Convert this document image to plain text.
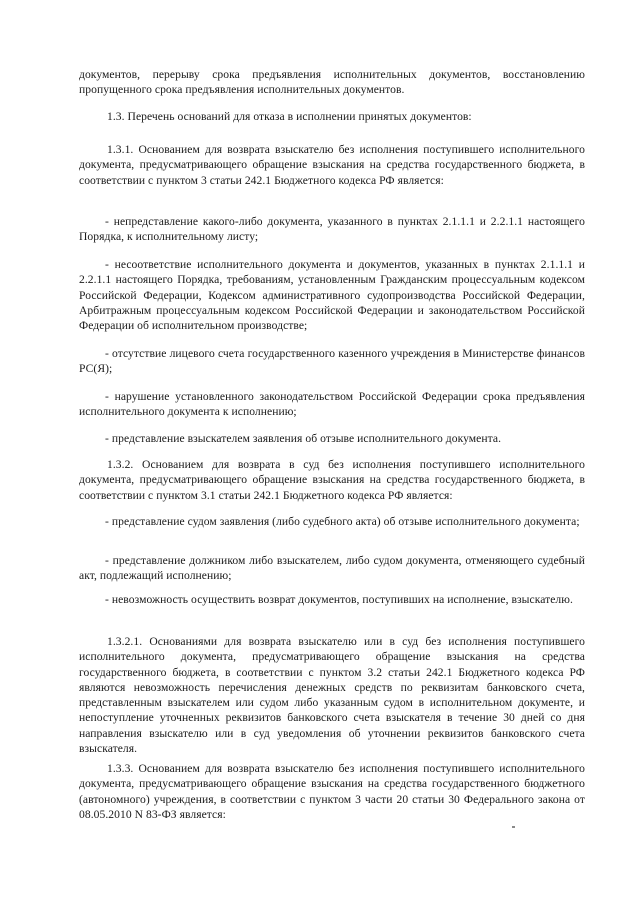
документов, перерыву срока предъявления исполнительных документов, восстановлению пропущенного срока предъявления исполнительных документов.

1.3. Перечень оснований для отказа в исполнении принятых документов:

1.3.1. Основанием для возврата взыскателю без исполнения поступившего исполнительного документа, предусматривающего обращение взыскания на средства государственного бюджета, в соответствии с пунктом 3 статьи 242.1 Бюджетного кодекса РФ является:

- непредставление какого-либо документа, указанного в пунктах 2.1.1.1 и 2.2.1.1 настоящего Порядка, к исполнительному листу;

- несоответствие исполнительного документа и документов, указанных в пунктах 2.1.1.1 и 2.2.1.1 настоящего Порядка, требованиям, установленным Гражданским процессуальным кодексом Российской Федерации, Кодексом административного судопроизводства Российской Федерации, Арбитражным процессуальным кодексом Российской Федерации и законодательством Российской Федерации об исполнительном производстве;

- отсутствие лицевого счета государственного казенного учреждения в Министерстве финансов РС(Я);

- нарушение установленного законодательством Российской Федерации срока предъявления исполнительного документа к исполнению;

- представление взыскателем заявления об отзыве исполнительного документа.

1.3.2. Основанием для возврата в суд без исполнения поступившего исполнительного документа, предусматривающего обращение взыскания на средства государственного бюджета, в соответствии с пунктом 3.1 статьи 242.1 Бюджетного кодекса РФ является:

- представление судом заявления (либо судебного акта) об отзыве исполнительного документа;

- представление должником либо взыскателем, либо судом документа, отменяющего судебный акт, подлежащий исполнению;

- невозможность осуществить возврат документов, поступивших на исполнение, взыскателю.

1.3.2.1. Основаниями для возврата взыскателю или в суд без исполнения поступившего исполнительного документа, предусматривающего обращение взыскания на средства государственного бюджета, в соответствии с пунктом 3.2 статьи 242.1 Бюджетного кодекса РФ являются невозможность перечисления денежных средств по реквизитам банковского счета, представленным взыскателем или судом либо указанным судом в исполнительном документе, и непоступление уточненных реквизитов банковского счета взыскателя в течение 30 дней со дня направления взыскателю или в суд уведомления об уточнении реквизитов банковского счета взыскателя.

1.3.3. Основанием для возврата взыскателю без исполнения поступившего исполнительного документа, предусматривающего обращение взыскания на средства государственного бюджетного (автономного) учреждения, в соответствии с пунктом 3 части 20 статьи 30 Федерального закона от 08.05.2010 N 83-ФЗ является:
